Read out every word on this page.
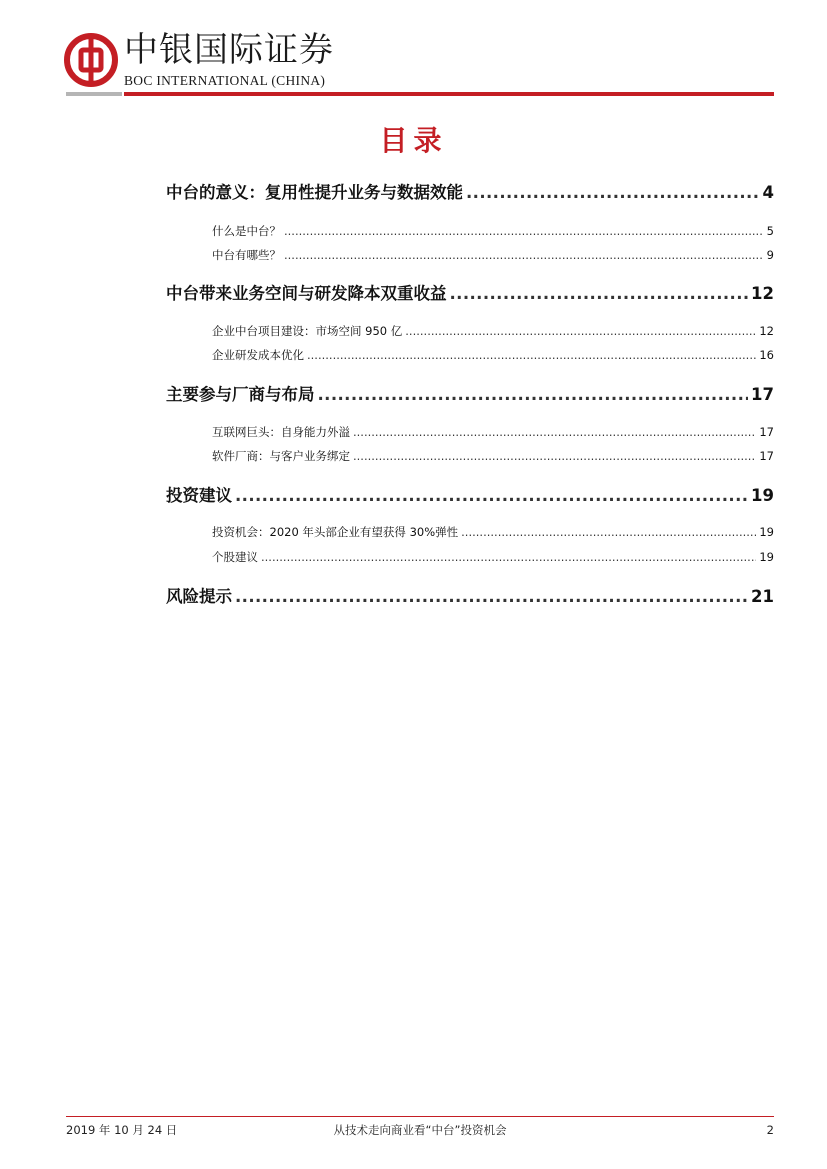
中银国际证券
BOC INTERNATIONAL (CHINA)
目录
中台的意义：复用性提升业务与数据效能 .....	4
什么是中台？ .....	5
中台有哪些？ .....	9
中台带来业务空间与研发降本双重收益 .....	12
企业中台项目建设：市场空间 950 亿 .....	12
企业研发成本优化 .....	16
主要参与厂商与布局 .....	17
互联网巨头：自身能力外溢 .....	17
软件厂商：与客户业务绑定 .....	17
投资建议 .....	19
投资机会：2020 年头部企业有望获得 30%弹性 .....	19
个股建议 .....	19
风险提示 .....	21
2019 年 10 月 24 日	从技术走向商业看“中台”投资机会	2
